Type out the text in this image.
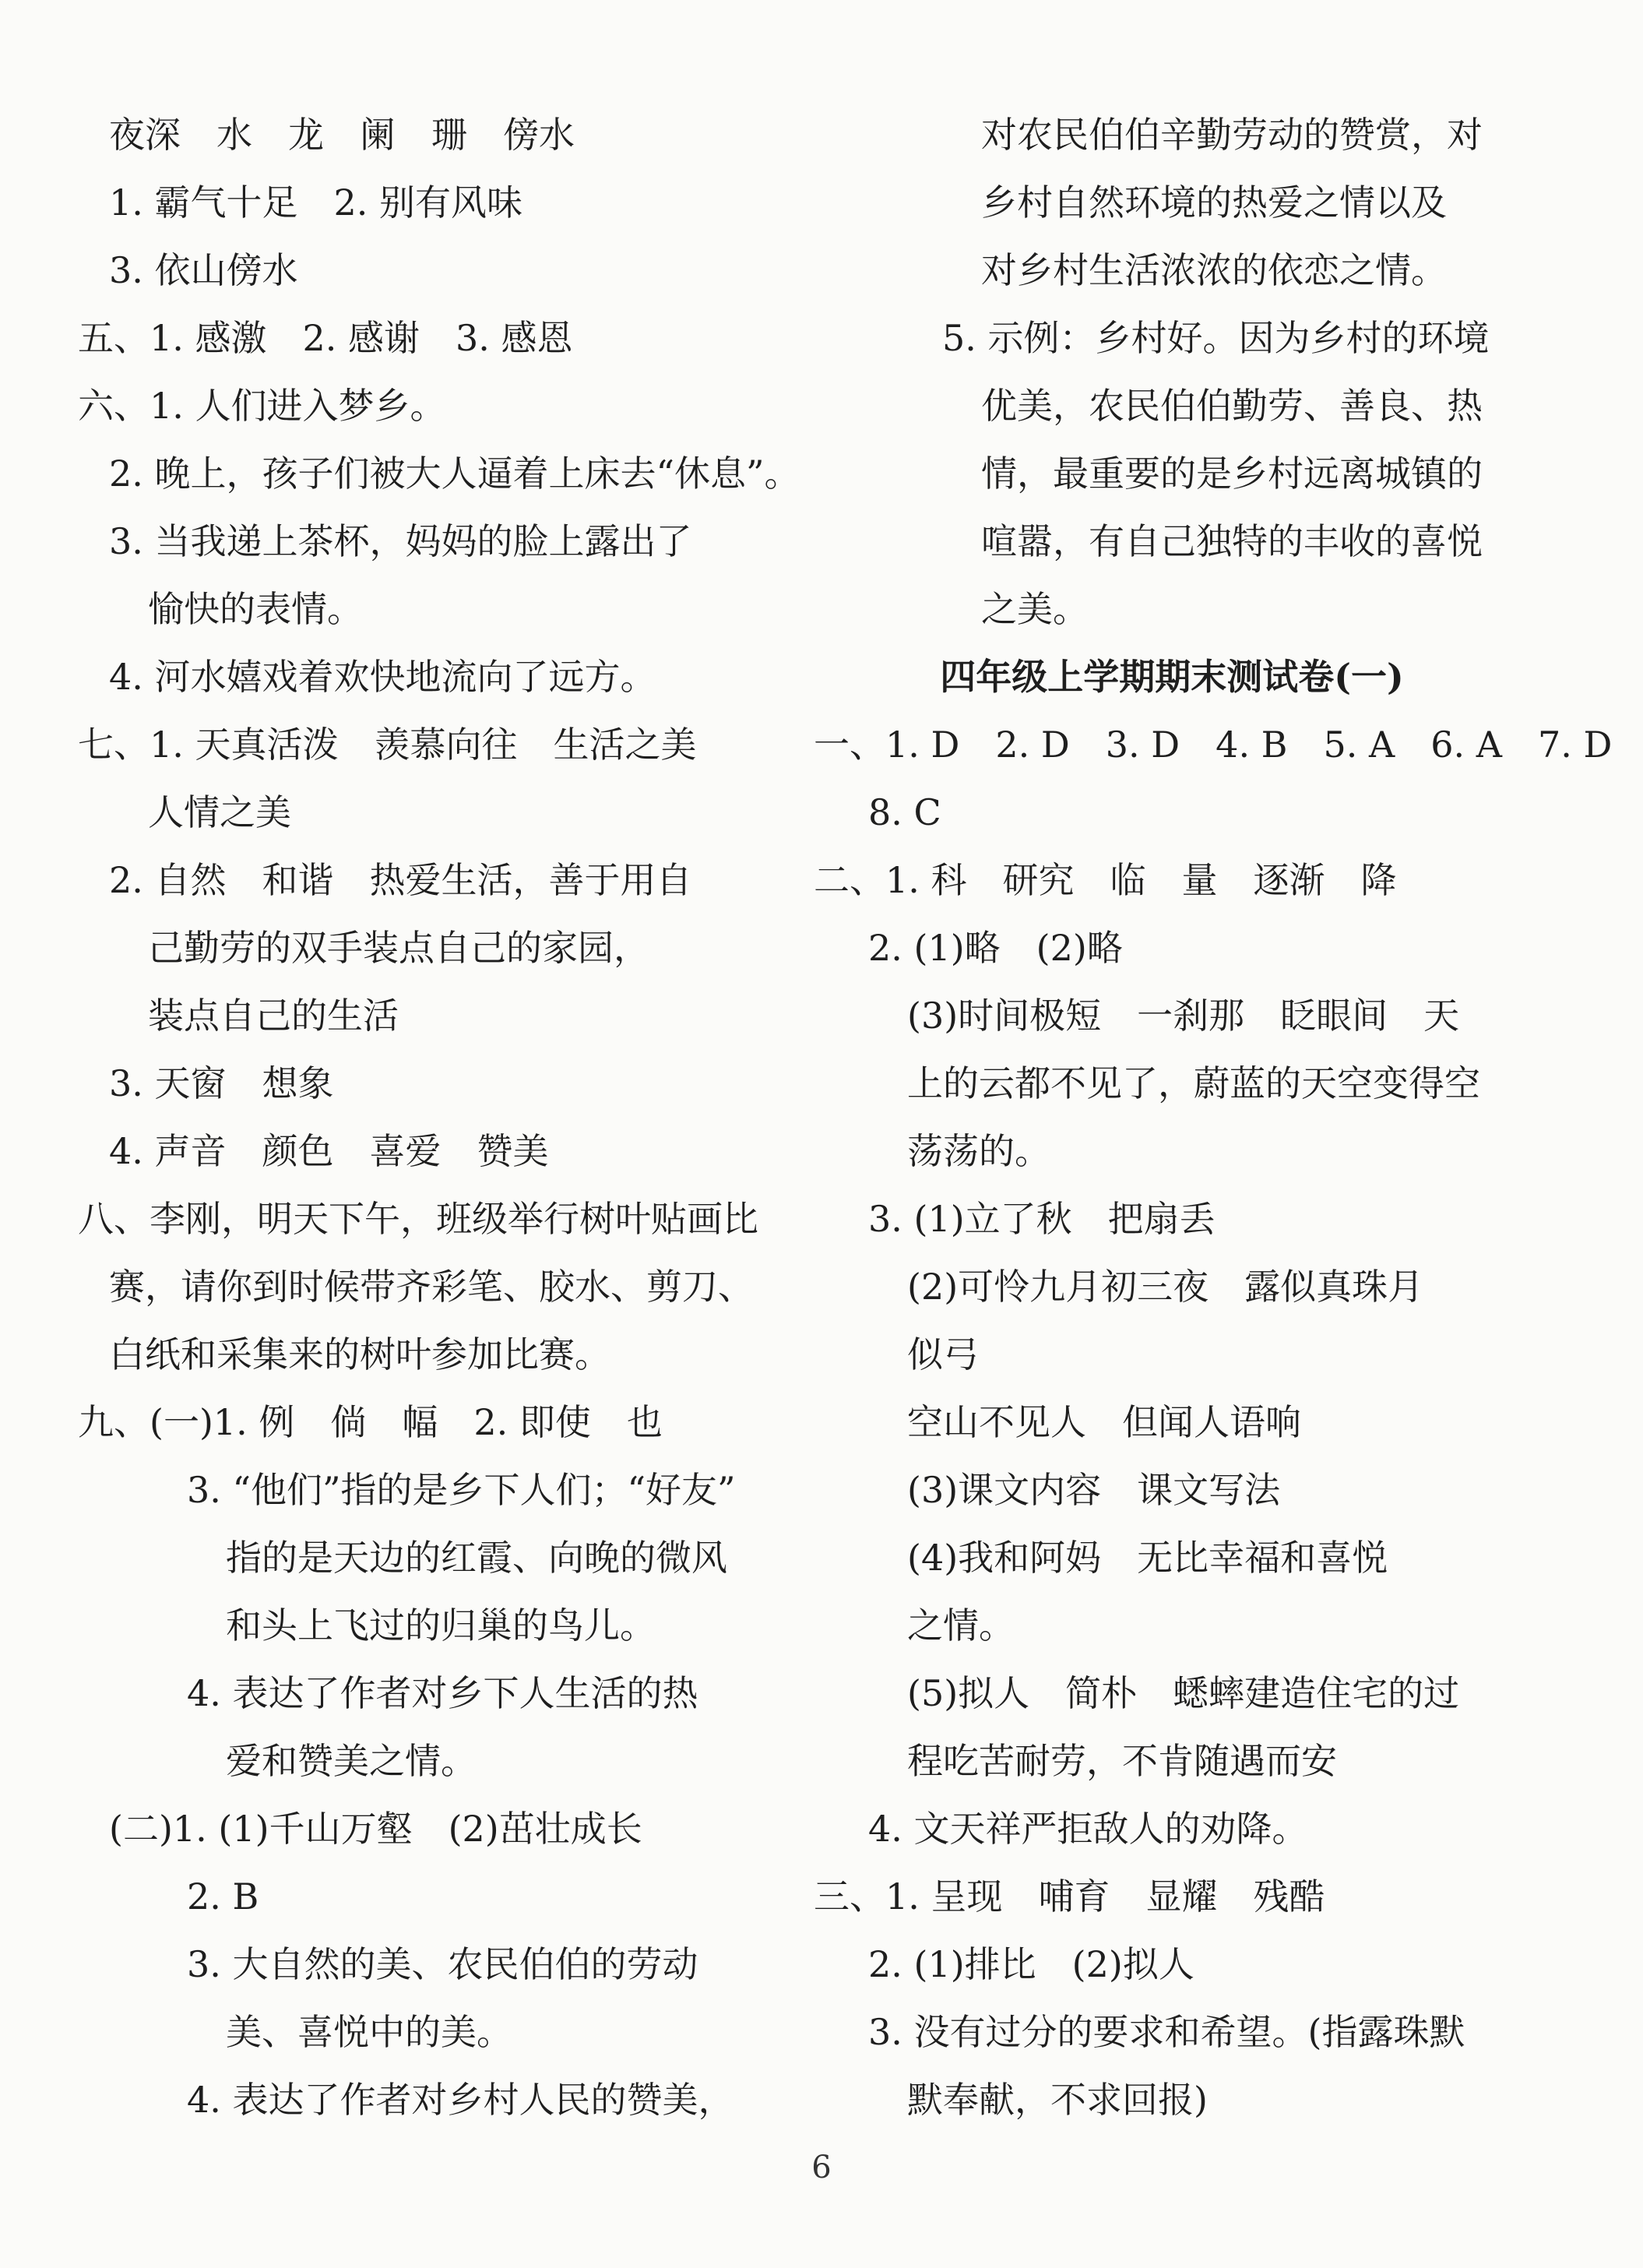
夜深　水　龙　阑　珊　傍水
1. 霸气十足　2. 别有风味
3. 依山傍水
五、1. 感激　2. 感谢　3. 感恩
六、1. 人们进入梦乡。
2. 晚上，孩子们被大人逼着上床去“休息”。
3. 当我递上茶杯，妈妈的脸上露出了
愉快的表情。
4. 河水嬉戏着欢快地流向了远方。
七、1. 天真活泼　羡慕向往　生活之美
人情之美
2. 自然　和谐　热爱生活，善于用自
己勤劳的双手装点自己的家园，
装点自己的生活
3. 天窗　想象
4. 声音　颜色　喜爱　赞美
八、李刚，明天下午，班级举行树叶贴画比
赛，请你到时候带齐彩笔、胶水、剪刀、
白纸和采集来的树叶参加比赛。
九、(一)1. 例　倘　幅　2. 即使　也
3. “他们”指的是乡下人们；“好友”
指的是天边的红霞、向晚的微风
和头上飞过的归巢的鸟儿。
4. 表达了作者对乡下人生活的热
爱和赞美之情。
(二)1. (1)千山万壑　(2)茁壮成长
2. B
3. 大自然的美、农民伯伯的劳动
美、喜悦中的美。
4. 表达了作者对乡村人民的赞美，
对农民伯伯辛勤劳动的赞赏，对
乡村自然环境的热爱之情以及
对乡村生活浓浓的依恋之情。
5. 示例：乡村好。因为乡村的环境
优美，农民伯伯勤劳、善良、热
情，最重要的是乡村远离城镇的
喧嚣，有自己独特的丰收的喜悦
之美。
四年级上学期期末测试卷(一)
一、1. D　2. D　3. D　4. B　5. A　6. A　7. D
8. C
二、1. 科　研究　临　量　逐渐　降
2. (1)略　(2)略
(3)时间极短　一刹那　眨眼间　天
上的云都不见了，蔚蓝的天空变得空
荡荡的。
3. (1)立了秋　把扇丢
(2)可怜九月初三夜　露似真珠月
似弓
空山不见人　但闻人语响
(3)课文内容　课文写法
(4)我和阿妈　无比幸福和喜悦
之情。
(5)拟人　简朴　蟋蟀建造住宅的过
程吃苦耐劳，不肯随遇而安
4. 文天祥严拒敌人的劝降。
三、1. 呈现　哺育　显耀　残酷
2. (1)排比　(2)拟人
3. 没有过分的要求和希望。(指露珠默
默奉献，不求回报)
6
